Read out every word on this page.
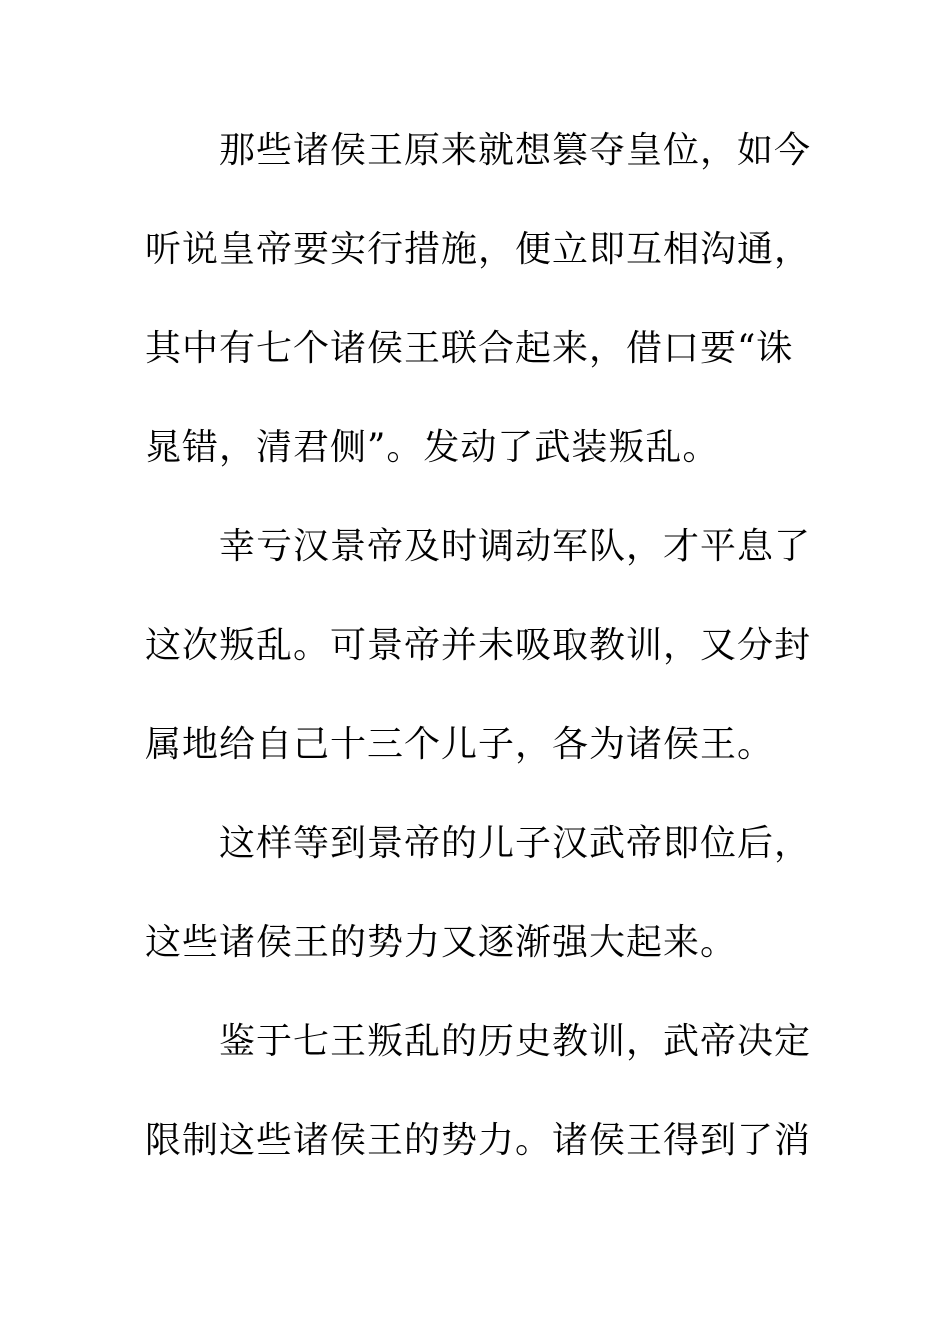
那些诸侯王原来就想篡夺皇位，如今
听说皇帝要实行措施，便立即互相沟通，
其中有七个诸侯王联合起来，借口要“诛
晁错，清君侧”。发动了武装叛乱。
幸亏汉景帝及时调动军队，才平息了
这次叛乱。可景帝并未吸取教训，又分封
属地给自己十三个儿子，各为诸侯王。
这样等到景帝的儿子汉武帝即位后，
这些诸侯王的势力又逐渐强大起来。
鉴于七王叛乱的历史教训，武帝决定
限制这些诸侯王的势力。诸侯王得到了消
